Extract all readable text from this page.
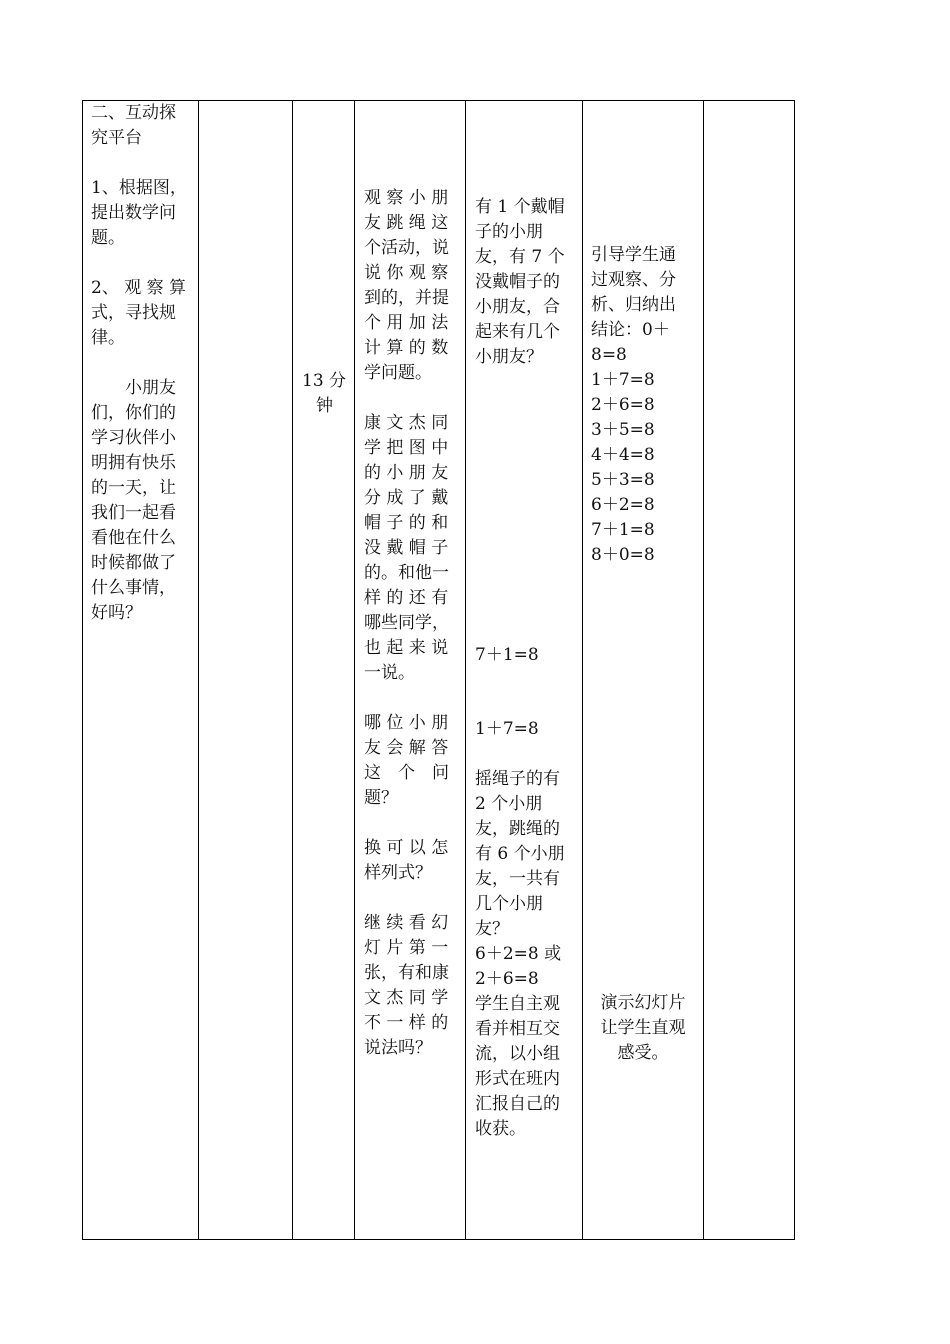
二、互动探

究平台

1、根据图，

提出数学问

题。

2、 观 察 算

式，寻找规

律。

　　小朋友

们，你们的

学习伙伴小

明拥有快乐

的一天，让

我们一起看

看他在什么

时候都做了

什么事情，

好吗？

13 分

钟

观 察 小 朋

友 跳 绳 这

个活动，说

说 你 观 察

到的，并提

个 用 加 法

计 算 的 数

学问题。

康 文 杰 同

学 把 图 中

的 小 朋 友

分 成 了 戴

帽 子 的 和

没 戴 帽 子

的。和他一

样 的 还 有

哪些同学，

也 起 来 说

一说。

哪 位 小 朋

友 会 解 答

这　个　问

题？

换 可 以 怎

样列式？

继 续 看 幻

灯 片 第 一

张，有和康

文 杰 同 学

不 一 样 的

说法吗？

有 1 个戴帽

子的小朋

友，有 7 个

没戴帽子的

小朋友，合

起来有几个

小朋友？

7＋1=8

1＋7=8

摇绳子的有

2 个小朋

友，跳绳的

有 6 个小朋

友，一共有

几个小朋

友？

6＋2=8 或

2＋6=8

学生自主观

看并相互交

流，以小组

形式在班内

汇报自己的

收获。

引导学生通

过观察、分

析、归纳出

结论：0＋

8=8

1＋7=8

2＋6=8

3＋5=8

4＋4=8

5＋3=8

6＋2=8

7＋1=8

8＋0=8

演示幻灯片

让学生直观

感受。
